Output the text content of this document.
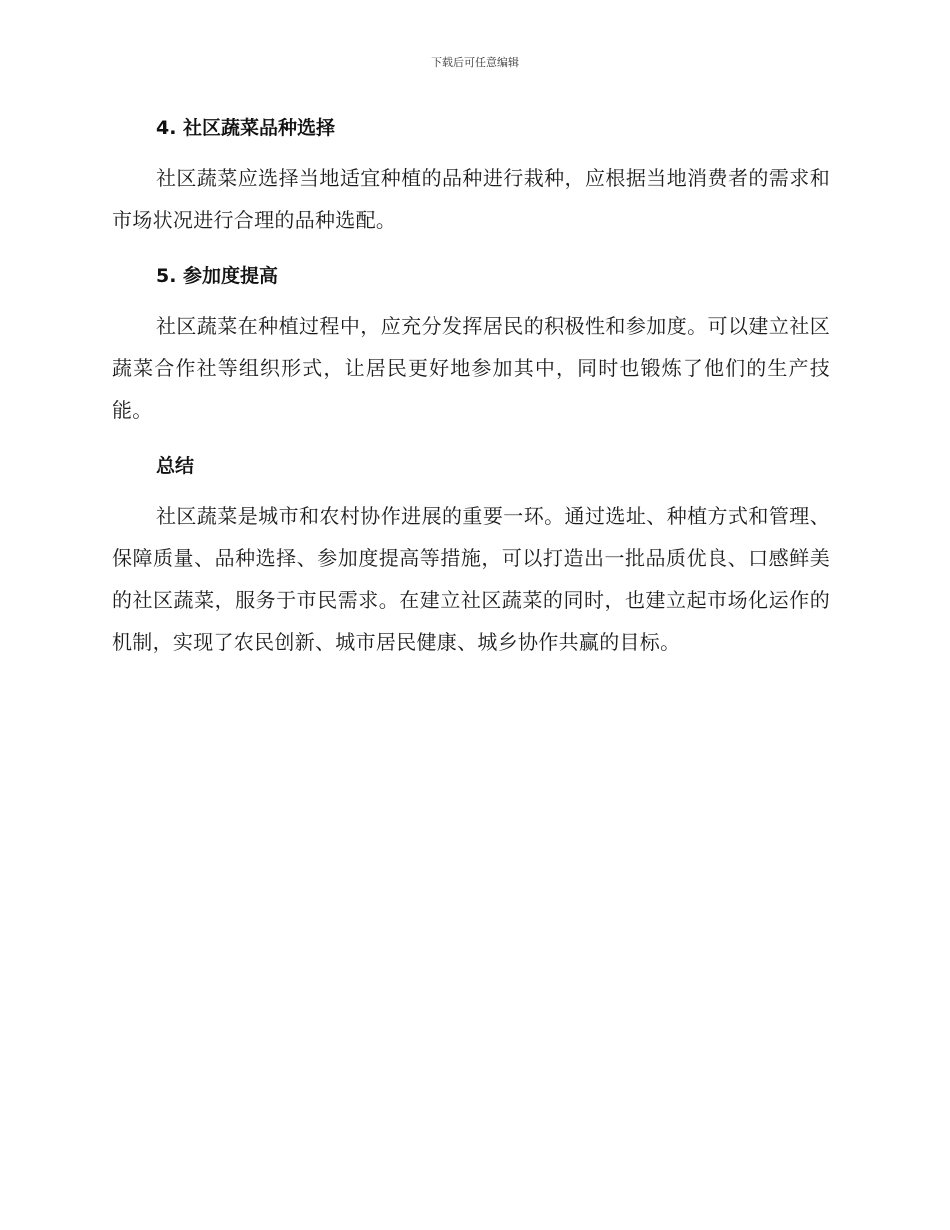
下载后可任意编辑
4. 社区蔬菜品种选择

社区蔬菜应选择当地适宜种植的品种进行栽种，应根据当地消费者的需求和市场状况进行合理的品种选配。

5. 参加度提高

社区蔬菜在种植过程中，应充分发挥居民的积极性和参加度。可以建立社区蔬菜合作社等组织形式，让居民更好地参加其中，同时也锻炼了他们的生产技能。

总结

社区蔬菜是城市和农村协作进展的重要一环。通过选址、种植方式和管理、保障质量、品种选择、参加度提高等措施，可以打造出一批品质优良、口感鲜美的社区蔬菜，服务于市民需求。在建立社区蔬菜的同时，也建立起市场化运作的机制，实现了农民创新、城市居民健康、城乡协作共赢的目标。
